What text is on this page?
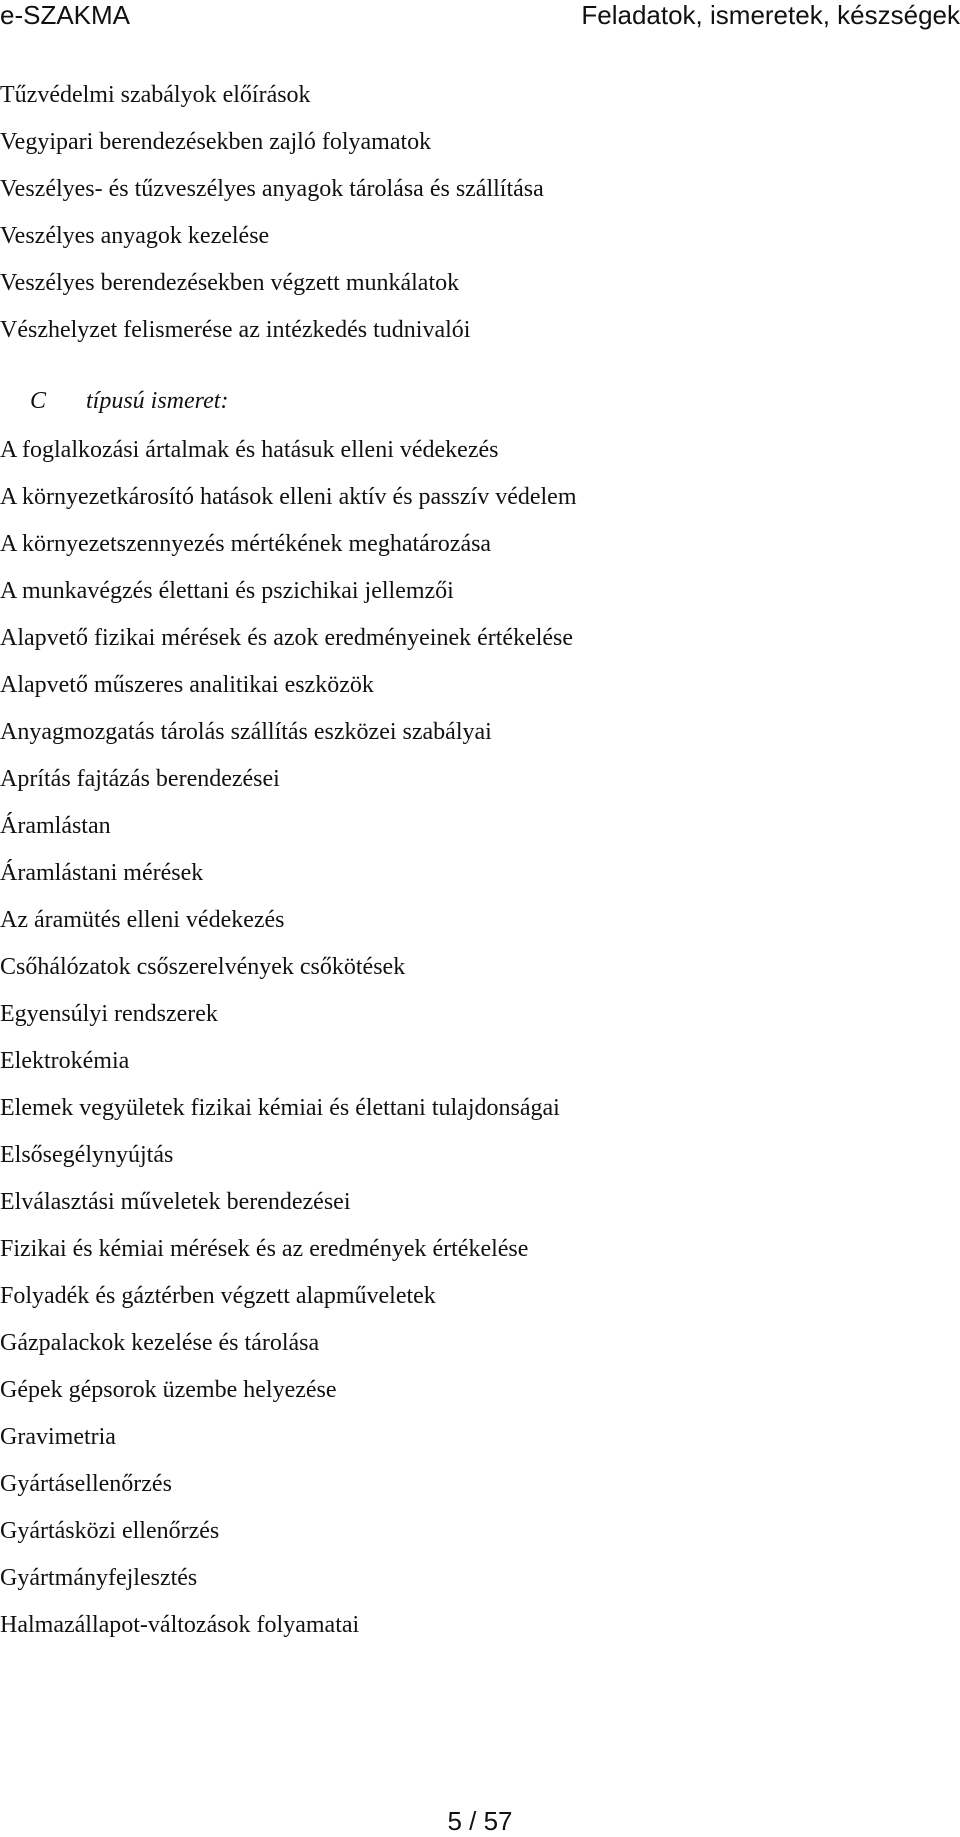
e-SZAKMA	Feladatok, ismeretek, készségek
Tűzvédelmi szabályok előírások
Vegyipari berendezésekben zajló folyamatok
Veszélyes- és tűzveszélyes anyagok tárolása és szállítása
Veszélyes anyagok kezelése
Veszélyes berendezésekben végzett munkálatok
Vészhelyzet felismerése az intézkedés tudnivalói
C típusú ismeret:
A foglalkozási ártalmak és hatásuk elleni védekezés
A környezetkárosító hatások elleni aktív és passzív védelem
A környezetszennyezés mértékének meghatározása
A munkavégzés élettani és pszichikai jellemzői
Alapvető fizikai mérések és azok eredményeinek értékelése
Alapvető műszeres analitikai eszközök
Anyagmozgatás tárolás szállítás eszközei szabályai
Aprítás fajtázás berendezései
Áramlástan
Áramlástani mérések
Az áramütés elleni védekezés
Csőhálózatok csőszerelvények csőkötések
Egyensúlyi rendszerek
Elektrokémia
Elemek vegyületek fizikai kémiai és élettani tulajdonságai
Elsősegélynyújtás
Elválasztási műveletek berendezései
Fizikai és kémiai mérések és az eredmények értékelése
Folyadék és gáztérben végzett alapműveletek
Gázpalackok kezelése és tárolása
Gépek gépsorok üzembe helyezése
Gravimetria
Gyártásellenőrzés
Gyártásközi ellenőrzés
Gyártmányfejlesztés
Halmazállapot-változások folyamatai
5 / 57
